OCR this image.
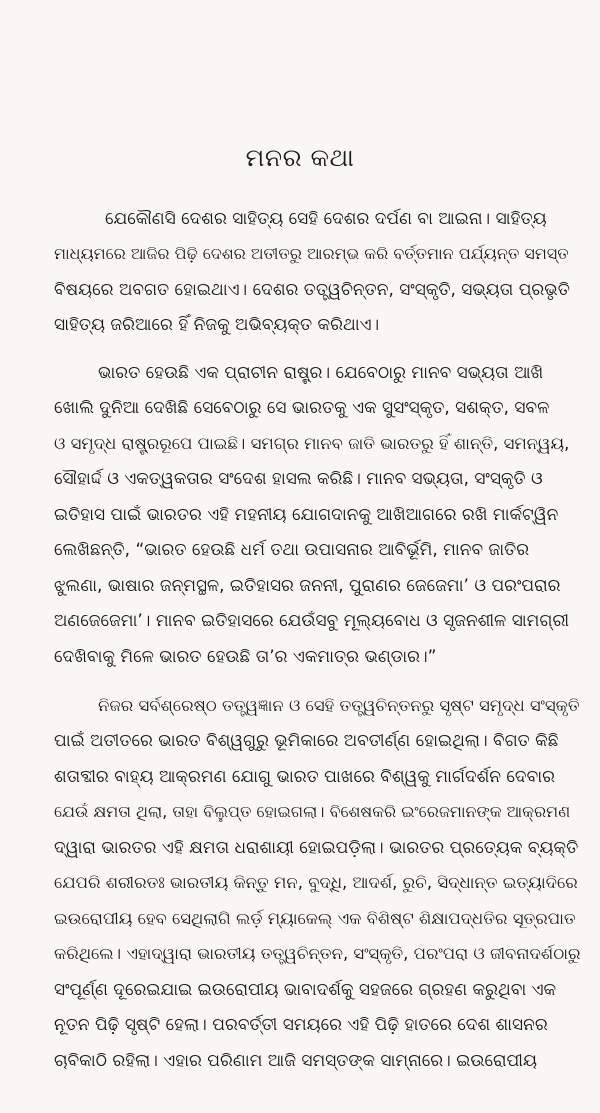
ମନର କଥା
ଯେକୌଣସି ଦେଶର ସାହିତ୍ୟ ସେହି ଦେଶର ଦର୍ପଣ ବା ଆଇନା। ସାହିତ୍ୟ
ମାଧ୍ୟମରେ ଆଜିର ପିଢ଼ି ଦେଶର ଅତୀତରୁ ଆରମ୍ଭ କରି ବର୍ତ୍ତମାନ ପର୍ଯ୍ୟନ୍ତ ସମସ୍ତ
ବିଷୟରେ ଅବଗତ ହୋଇଥାଏ। ଦେଶର ତତ୍ତ୍ୱଚିନ୍ତନ, ସଂସ୍କୃତି, ସଭ୍ୟତା ପ୍ରଭୃତି
ସାହିତ୍ୟ ଜରିଆରେ ହିଁ ନିଜକୁ ଅଭିବ୍ୟକ୍ତ କରିଥାଏ।
ଭାରତ ହେଉଛି ଏକ ପ୍ରାଚୀନ ରାଷ୍ଟ୍ର। ଯେବେଠାରୁ ମାନବ ସଭ୍ୟତା ଆଖି
ଖୋଲି ଦୁନିଆ ଦେଖିଛି ସେବେଠାରୁ ସେ ଭାରତକୁ ଏକ ସୁସଂସ୍କୃତ, ସଶକ୍ତ, ସବଳ
ଓ ସମୃଦ୍ଧ ରାଷ୍ଟ୍ରରୂପେ ପାଇଛି। ସମଗ୍ର ମାନବ ଜାତି ଭାରତରୁ ହିଁ ଶାନ୍ତି, ସମନ୍ୱୟ,
ସୌହାର୍ଦ୍ଦ ଓ ଏକତ୍ୱକତାର ସଂଦେଶ ହାସଲ କରିଛି। ମାନବ ସଭ୍ୟତା, ସଂସ୍କୃତି ଓ
ଇତିହାସ ପାଇଁ ଭାରତର ଏହି ମହନୀୟ ଯୋଗଦାନକୁ ଆଖିଆଗରେ ରଖି ମାର୍କଟ୍ୱିନ
ଲେଖିଛନ୍ତି, “ଭାରତ ହେଉଛି ଧର୍ମ ତଥା ଉପାସନାର ଆବିର୍ଭୂମି, ମାନବ ଜାତିର
ଝୁଲଣା, ଭାଷାର ଜନ୍ମସ୍ଥଳ, ଇତିହାସର ଜନନୀ, ପୁରାଣର ଜେଜେମା’ ଓ ପରଂପରାର
ଅଣଜେଜେମା’। ମାନବ ଇତିହାସରେ ଯେଉଁସବୁ ମୂଲ୍ୟବୋଧ ଓ ସୃଜନଶୀଳ ସାମଗ୍ରୀ
ଦେଖିବାକୁ ମିଳେ ଭାରତ ହେଉଛି ତା’ର ଏକମାତ୍ର ଭଣ୍ଡାର।”
ନିଜର ସର୍ବଶ୍ରେଷ୍ଠ ତତ୍ତ୍ୱଜ୍ଞାନ ଓ ସେହି ତତ୍ତ୍ୱଚିନ୍ତନରୁ ସୃଷ୍ଟ ସମୃଦ୍ଧ ସଂସ୍କୃତି
ପାଇଁ ଅତୀତରେ ଭାରତ ବିଶ୍ୱଗୁରୁ ଭୂମିକାରେ ଅବତୀର୍ଣ୍ଣ ହୋଇଥିଲା। ବିଗତ କିଛି
ଶତାବ୍ଦୀର ବାହ୍ୟ ଆକ୍ରମଣ ଯୋଗୁ ଭାରତ ପାଖରେ ବିଶ୍ୱକୁ ମାର୍ଗଦର୍ଶନ ଦେବାର
ଯେଉଁ କ୍ଷମତା ଥିଲା, ତାହା ବିଲୁପ୍ତ ହୋଇଗଲା। ବିଶେଷକରି ଇଂରେଜମାନଙ୍କ ଆକ୍ରମଣ
ଦ୍ୱାରା ଭାରତର ଏହି କ୍ଷମତା ଧରାଶାୟୀ ହୋଇପଡ଼ିଲା। ଭାରତର ପ୍ରତ୍ୟେକ ବ୍ୟକ୍ତି
ଯେପରି ଶରୀରତଃ ଭାରତୀୟ କିନ୍ତୁ ମନ, ବୁଦ୍ଧି, ଆଦର୍ଶ, ରୁଚି, ସିଦ୍ଧାନ୍ତ ଇତ୍ୟାଦିରେ
ଇଉରୋପୀୟ ହେବ ସେଥିଲାଗି ଲର୍ଡ଼ ମ୍ୟାକେଲ୍ ଏକ ବିଶିଷ୍ଟ ଶିକ୍ଷାପଦ୍ଧତିର ସୂତ୍ରପାତ
କରିଥିଲେ। ଏହାଦ୍ୱାରା ଭାରତୀୟ ତତ୍ତ୍ୱଚିନ୍ତନ, ସଂସ୍କୃତି, ପରଂପରା ଓ ଜୀବନାଦର୍ଶଠାରୁ
ସଂପୂର୍ଣ୍ଣ ଦୂରେଇଯାଇ ଇଉରୋପୀୟ ଭାବାଦର୍ଶକୁ ସହଜରେ ଗ୍ରହଣ କରୁଥିବା ଏକ
ନୂତନ ପିଢ଼ି ସୃଷ୍ଟି ହେଲା। ପରବର୍ତ୍ତୀ ସମୟରେ ଏହି ପିଢ଼ି ହାତରେ ଦେଶ ଶାସନର
ଚାବିକାଠି ରହିଲା। ଏହାର ପରିଣାମ ଆଜି ସମସ୍ତଙ୍କ ସାମ୍ନାରେ। ଇଉରୋପୀୟ
